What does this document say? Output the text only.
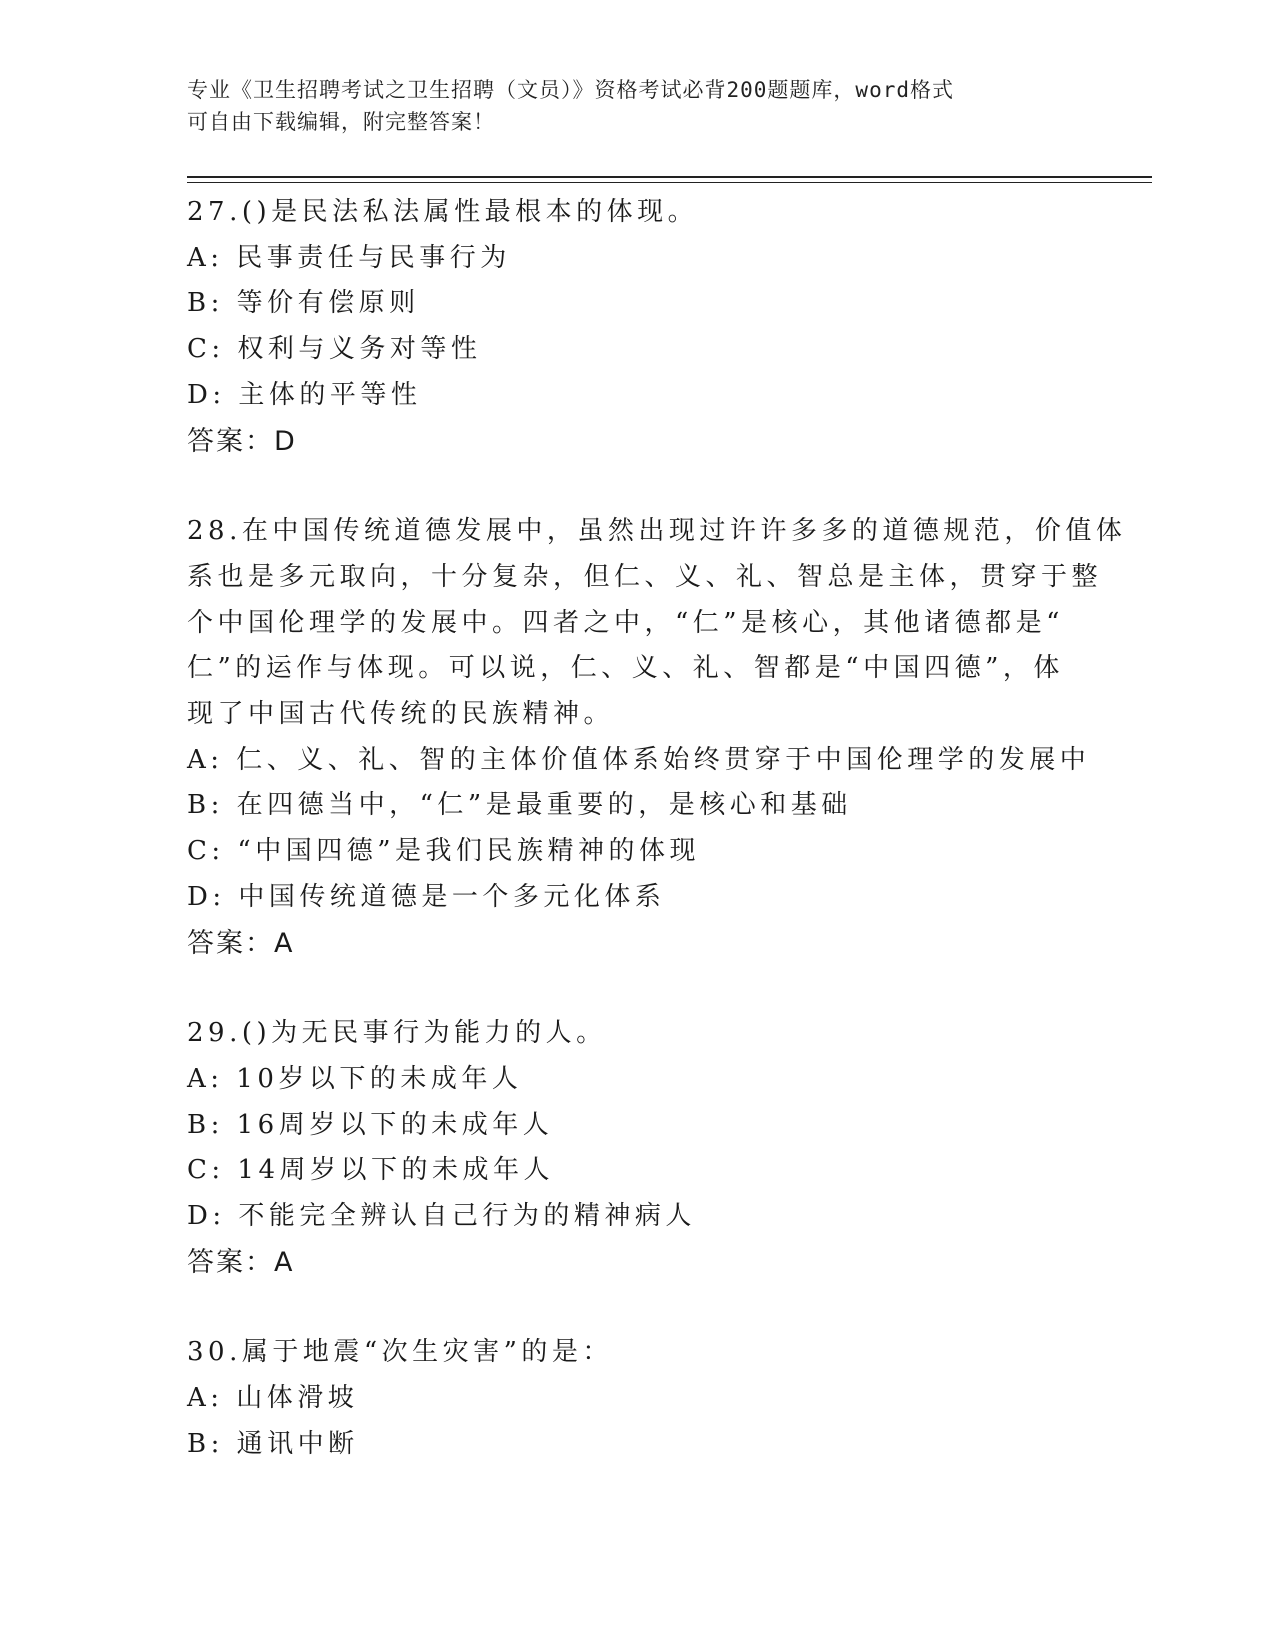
专业《卫生招聘考试之卫生招聘（文员）》资格考试必背200题题库，word格式
可自由下载编辑，附完整答案！
27.()是民法私法属性最根本的体现。
A: 民事责任与民事行为
B: 等价有偿原则
C: 权利与义务对等性
D: 主体的平等性
答案：D
28.在中国传统道德发展中，虽然出现过许许多多的道德规范，价值体
系也是多元取向，十分复杂，但仁、义、礼、智总是主体，贯穿于整
个中国伦理学的发展中。四者之中，“仁”是核心，其他诸德都是“
仁”的运作与体现。可以说，仁、义、礼、智都是“中国四德”，体
现了中国古代传统的民族精神。
A: 仁、义、礼、智的主体价值体系始终贯穿于中国伦理学的发展中
B: 在四德当中，“仁”是最重要的，是核心和基础
C: “中国四德”是我们民族精神的体现
D: 中国传统道德是一个多元化体系
答案：A
29.()为无民事行为能力的人。
A: 10岁以下的未成年人
B: 16周岁以下的未成年人
C: 14周岁以下的未成年人
D: 不能完全辨认自己行为的精神病人
答案：A
30.属于地震“次生灾害”的是：
A: 山体滑坡
B: 通讯中断
